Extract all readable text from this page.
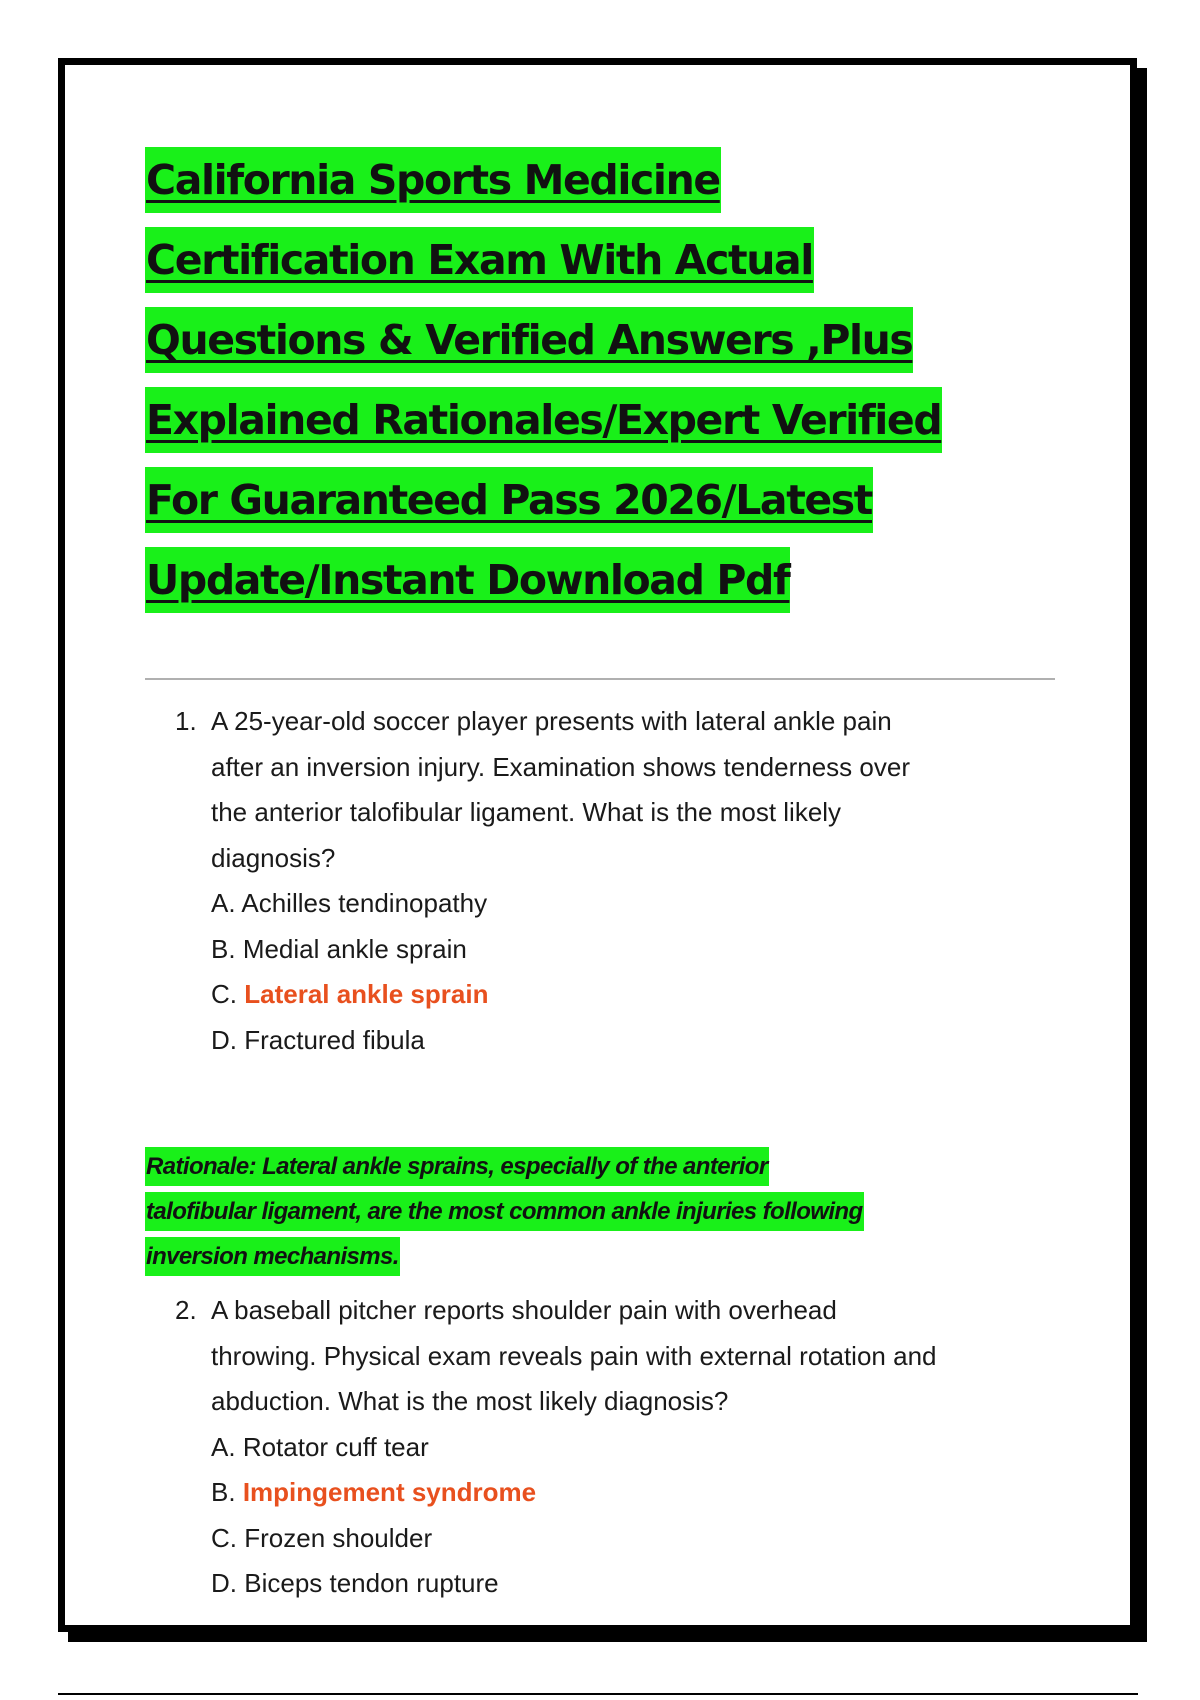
California Sports Medicine
Certification Exam With Actual
Questions & Verified Answers ,Plus
Explained Rationales/Expert Verified
For Guaranteed Pass 2026/Latest
Update/Instant Download Pdf
1. A 25-year-old soccer player presents with lateral ankle pain
after an inversion injury. Examination shows tenderness over
the anterior talofibular ligament. What is the most likely
diagnosis?
A. Achilles tendinopathy
B. Medial ankle sprain
C. Lateral ankle sprain
D. Fractured fibula
Rationale: Lateral ankle sprains, especially of the anterior
talofibular ligament, are the most common ankle injuries following
inversion mechanisms.
2. A baseball pitcher reports shoulder pain with overhead
throwing. Physical exam reveals pain with external rotation and
abduction. What is the most likely diagnosis?
A. Rotator cuff tear
B. Impingement syndrome
C. Frozen shoulder
D. Biceps tendon rupture
